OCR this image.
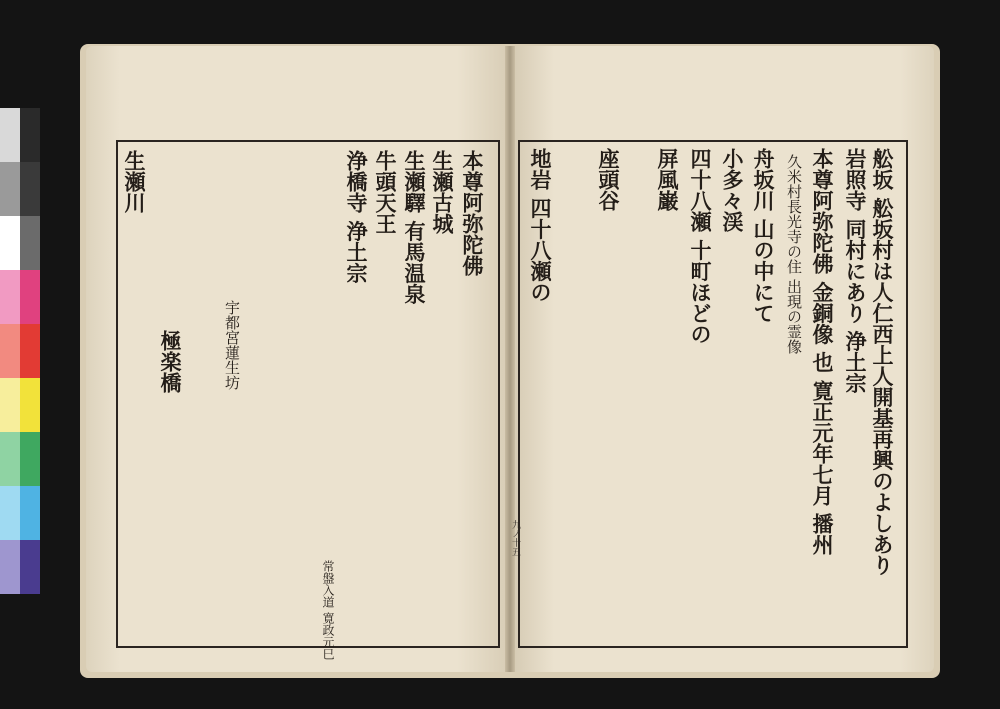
舩坂 舩坂村は人仁西上人開基再興のよしあり
岩照寺 同村にあり 浄土宗
本尊阿弥陀佛 金銅像 也 寛正元年七月 播州
久米村長光寺の住 出現の霊像
舟坂川 山の中にて
小多々渓
四十八瀬 十町ほどの
屏風巌
座頭谷
地岩 四十八瀬の
本尊阿弥陀佛
生瀬古城
生瀬驛 有馬温泉
牛頭天王
浄橋寺 浄土宗
宇都宮蓮生坊
極楽橋
生瀬川
常盤入道 寛政元巳
九ノ十五
